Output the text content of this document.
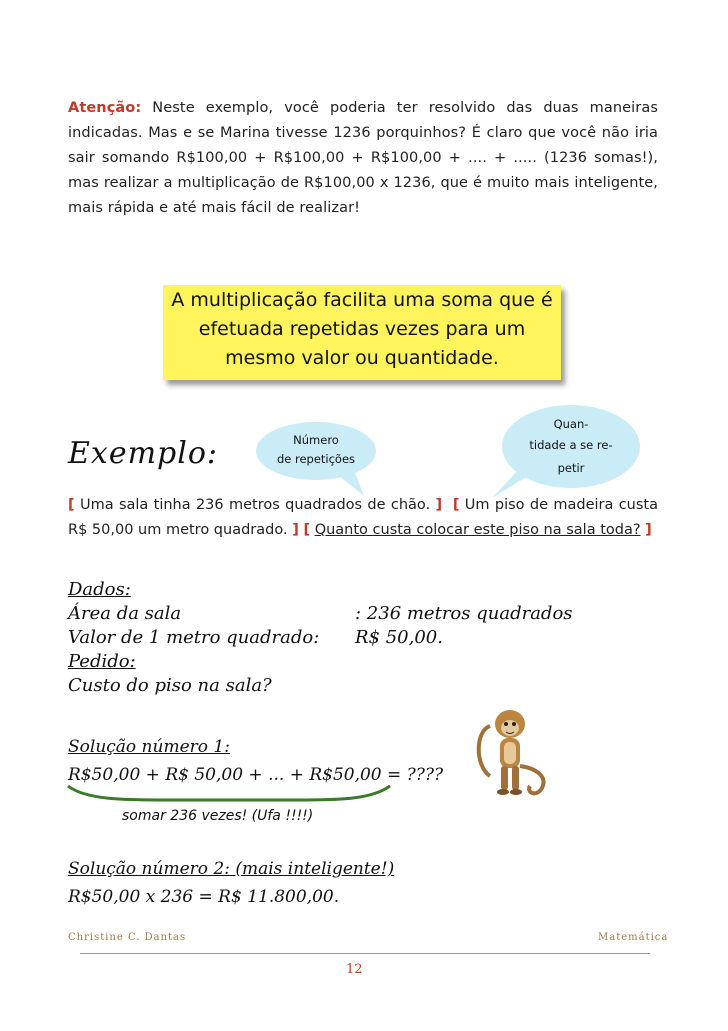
Atenção: Neste exemplo, você poderia ter resolvido das duas maneiras indicadas. Mas e se Marina tivesse 1236 porquinhos? É claro que você não iria sair somando R$100,00 + R$100,00 + R$100,00 + .... + ..... (1236 somas!), mas realizar a multiplicação de R$100,00 x 1236, que é muito mais inteligente, mais rápida e até mais fácil de realizar!
A multiplicação facilita uma soma que é
efetuada repetidas vezes para um
mesmo valor ou quantidade.
Exemplo:	Número
de repetições
Quan-
tidade a se re-
petir
[ Uma sala tinha 236 metros quadrados de chão. ] [ Um piso de madeira custa R$ 50,00 um metro quadrado. ] [ Quanto custa colocar este piso na sala toda? ]
Dados:
Área da sala	: 236 metros quadrados
Valor de 1 metro quadrado: R$ 50,00.
Pedido:
Custo do piso na sala?
Solução número 1:
R$50,00 + R$ 50,00 + ... + R$50,00 = ????
somar 236 vezes! (Ufa !!!!)
Solução número 2: (mais inteligente!)
R$50,00 x 236 = R$ 11.800,00.
Christine C. Dantas	Matemática
12
